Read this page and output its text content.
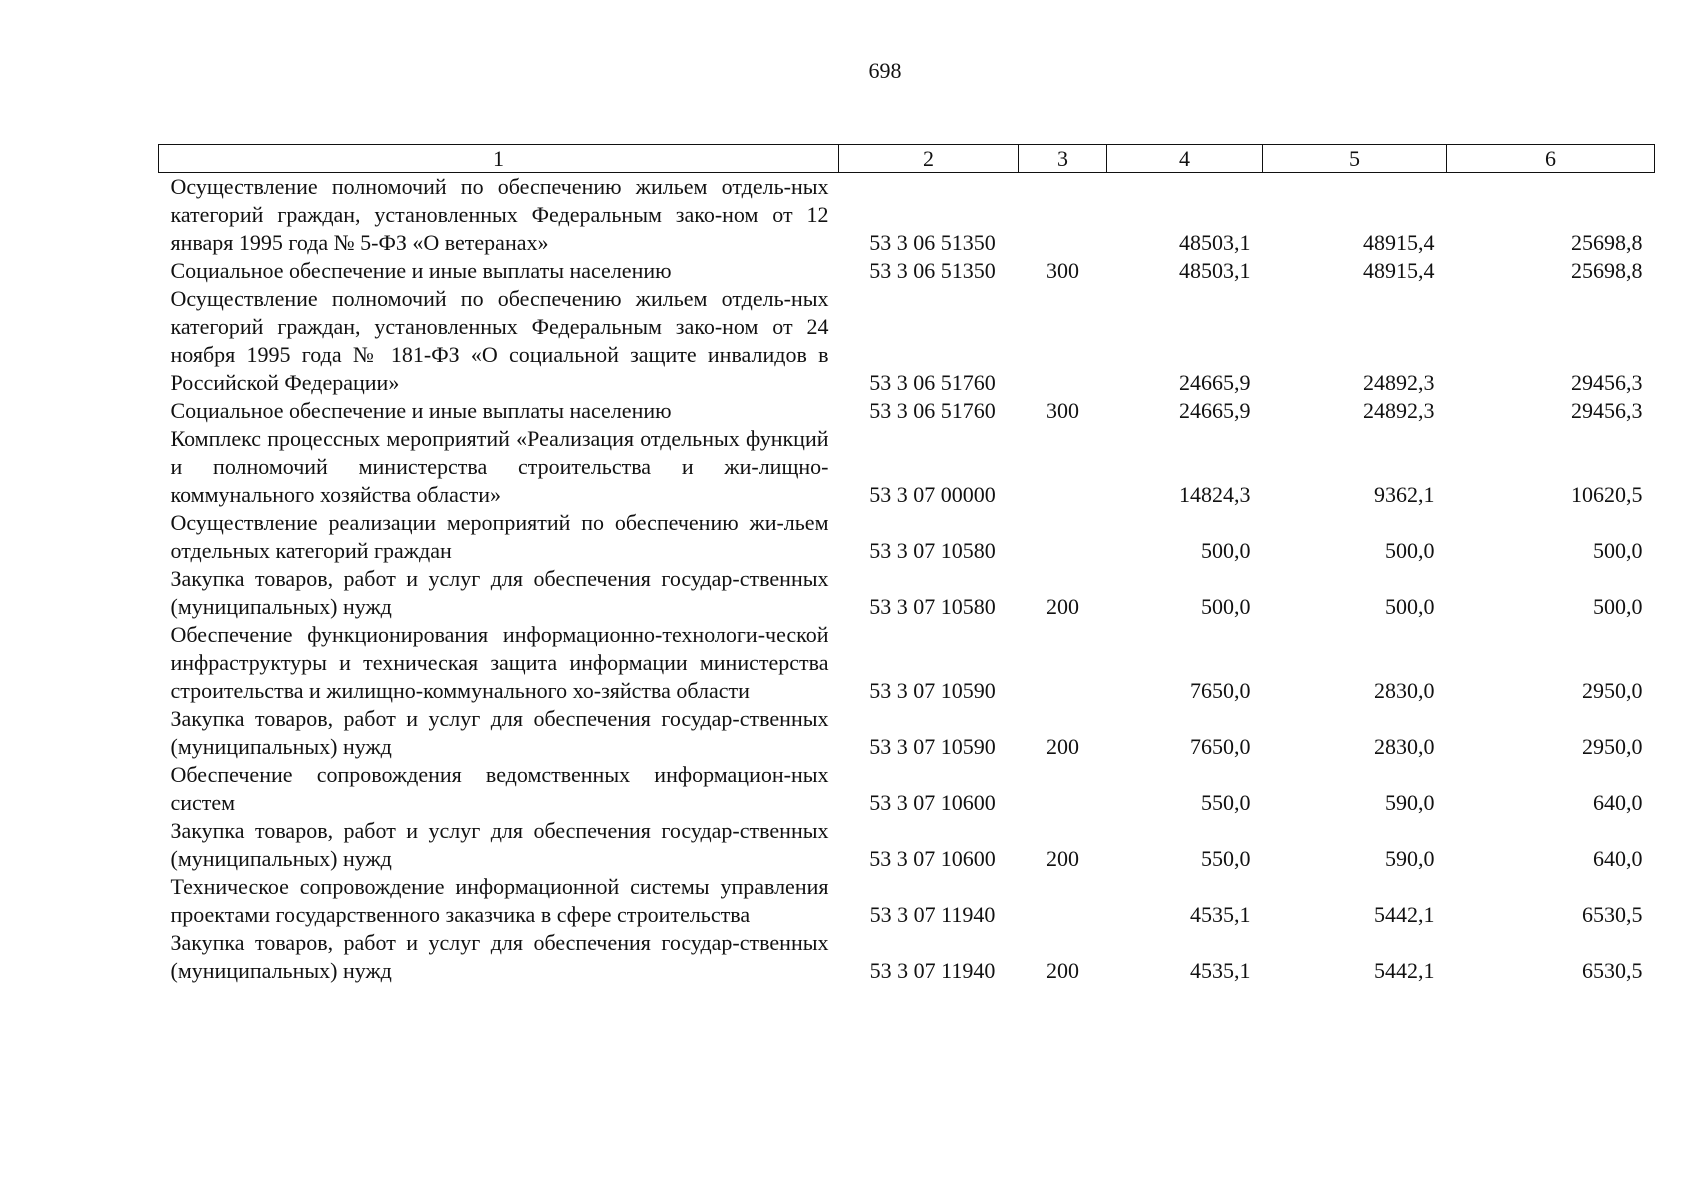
698
1	2	3	4	5	6
Осуществление полномочий по обеспечению жильем отдель-ных категорий граждан, установленных Федеральным зако-ном от 12 января 1995 года № 5-ФЗ «О ветеранах»	53 3 06 51350		48503,1	48915,4	25698,8
Социальное обеспечение и иные выплаты населению	53 3 06 51350	300	48503,1	48915,4	25698,8
Осуществление полномочий по обеспечению жильем отдель-ных категорий граждан, установленных Федеральным зако-ном от 24 ноября 1995 года № 181-ФЗ «О социальной защите инвалидов в Российской Федерации»	53 3 06 51760		24665,9	24892,3	29456,3
Социальное обеспечение и иные выплаты населению	53 3 06 51760	300	24665,9	24892,3	29456,3
Комплекс процессных мероприятий «Реализация отдельных функций и полномочий министерства строительства и жи-лищно-коммунального хозяйства области»	53 3 07 00000		14824,3	9362,1	10620,5
Осуществление реализации мероприятий по обеспечению жи-льем отдельных категорий граждан	53 3 07 10580		500,0	500,0	500,0
Закупка товаров, работ и услуг для обеспечения государ-ственных (муниципальных) нужд	53 3 07 10580	200	500,0	500,0	500,0
Обеспечение функционирования информационно-технологи-ческой инфраструктуры и техническая защита информации министерства строительства и жилищно-коммунального хо-зяйства области	53 3 07 10590		7650,0	2830,0	2950,0
Закупка товаров, работ и услуг для обеспечения государ-ственных (муниципальных) нужд	53 3 07 10590	200	7650,0	2830,0	2950,0
Обеспечение сопровождения ведомственных информацион-ных систем	53 3 07 10600		550,0	590,0	640,0
Закупка товаров, работ и услуг для обеспечения государ-ственных (муниципальных) нужд	53 3 07 10600	200	550,0	590,0	640,0
Техническое сопровождение информационной системы управления проектами государственного заказчика в сфере строительства	53 3 07 11940		4535,1	5442,1	6530,5
Закупка товаров, работ и услуг для обеспечения государ-ственных (муниципальных) нужд	53 3 07 11940	200	4535,1	5442,1	6530,5
